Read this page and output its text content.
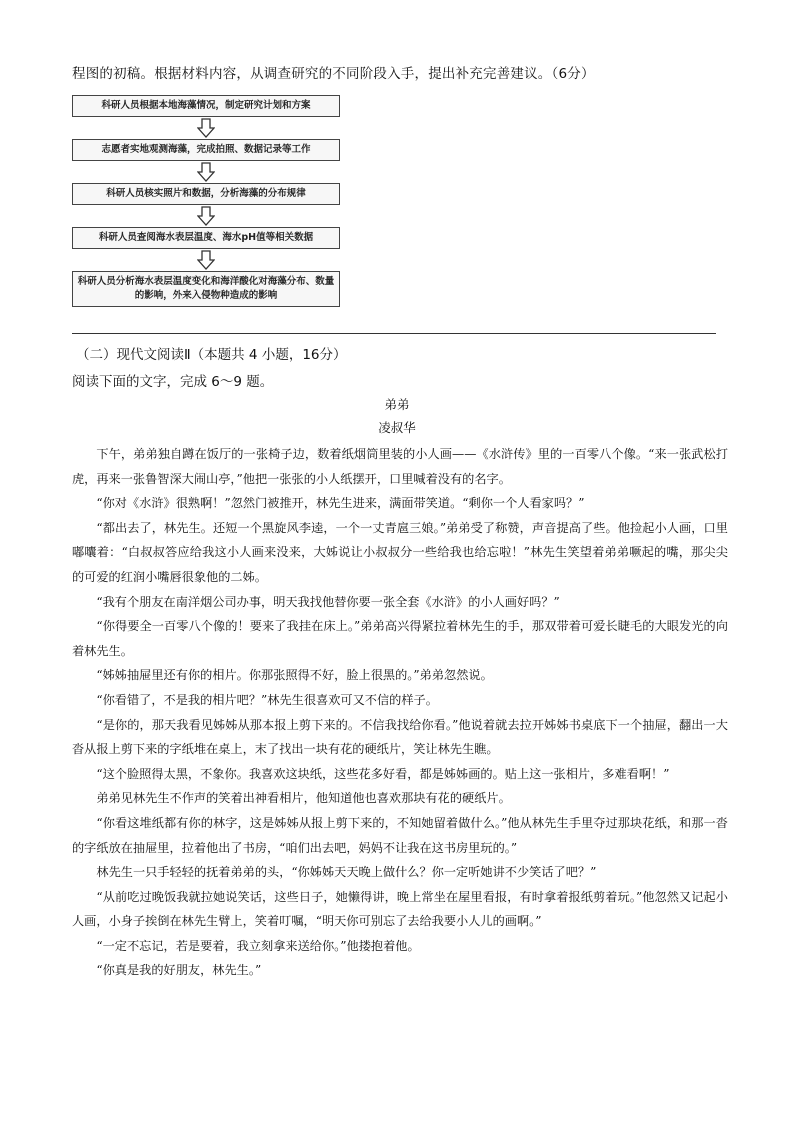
程图的初稿。根据材料内容，从调查研究的不同阶段入手，提出补充完善建议。（6分）
科研人员根据本地海藻情况，制定研究计划和方案
志愿者实地观测海藻，完成拍照、数据记录等工作
科研人员核实照片和数据，分析海藻的分布规律
科研人员查阅海水表层温度、海水pH值等相关数据
科研人员分析海水表层温度变化和海洋酸化对海藻分布、数量的影响，外来入侵物种造成的影响
（二）现代文阅读Ⅱ（本题共 4 小题，16分）
阅读下面的文字，完成 6～9 题。
弟弟
凌叔华

下午，弟弟独自蹲在饭厅的一张椅子边，数着纸烟筒里装的小人画——《水浒传》里的一百零八个像。“来一张武松打虎，再来一张鲁智深大闹山亭，”他把一张张的小人纸摆开，口里喊着没有的名字。

“你对《水浒》很熟啊！”忽然门被推开，林先生进来，满面带笑道。“剩你一个人看家吗？”

“都出去了，林先生。还短一个黑旋风李逵，一个一丈青扈三娘。”弟弟受了称赞，声音提高了些。他捡起小人画，口里嘟囔着：“白叔叔答应给我这小人画来没来，大姊说让小叔叔分一些给我也给忘啦！”林先生笑望着弟弟噘起的嘴，那尖尖的可爱的红润小嘴唇很象他的二姊。

“我有个朋友在南洋烟公司办事，明天我找他替你要一张全套《水浒》的小人画好吗？”

“你得要全一百零八个像的！要来了我挂在床上。”弟弟高兴得紧拉着林先生的手，那双带着可爱长睫毛的大眼发光的向着林先生。

“姊姊抽屉里还有你的相片。你那张照得不好，脸上很黑的。”弟弟忽然说。

“你看错了，不是我的相片吧？”林先生很喜欢可又不信的样子。

“是你的，那天我看见姊姊从那本报上剪下来的。不信我找给你看。”他说着就去拉开姊姊书桌底下一个抽屉，翻出一大沓从报上剪下来的字纸堆在桌上，末了找出一块有花的硬纸片，笑让林先生瞧。

“这个脸照得太黑，不象你。我喜欢这块纸，这些花多好看，都是姊姊画的。贴上这一张相片，多难看啊！”

弟弟见林先生不作声的笑着出神看相片，他知道他也喜欢那块有花的硬纸片。

“你看这堆纸都有你的林字，这是姊姊从报上剪下来的，不知她留着做什么。”他从林先生手里夺过那块花纸，和那一沓的字纸放在抽屉里，拉着他出了书房，“咱们出去吧，妈妈不让我在这书房里玩的。”

林先生一只手轻轻的抚着弟弟的头，“你姊姊天天晚上做什么？你一定听她讲不少笑话了吧？”

“从前吃过晚饭我就拉她说笑话，这些日子，她懒得讲，晚上常坐在屋里看报，有时拿着报纸剪着玩。”他忽然又记起小人画，小身子挨倒在林先生臂上，笑着叮嘱，“明天你可别忘了去给我要小人儿的画啊。”

“一定不忘记，若是要着，我立刻拿来送给你。”他搂抱着他。

“你真是我的好朋友，林先生。”
